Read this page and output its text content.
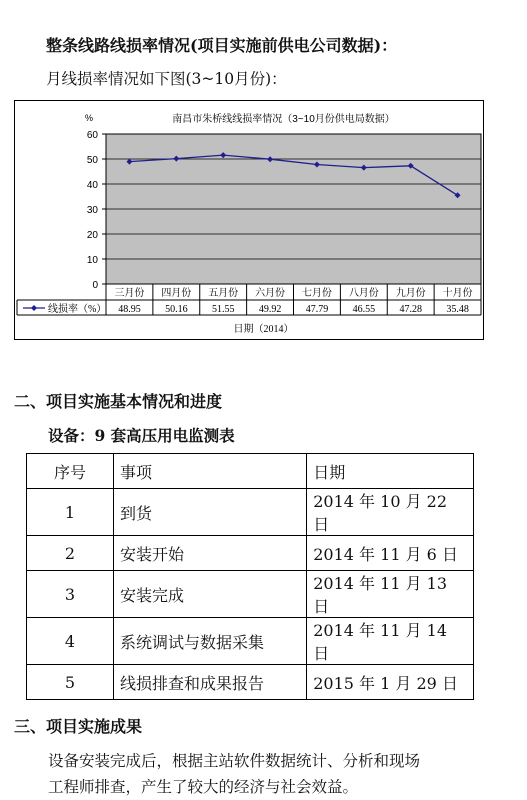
整条线路线损率情况(项目实施前供电公司数据)：
月线损率情况如下图(3~10月份)：
0
10
20
30
40
50
60
%	南昌市朱桥线线损率情况（3~10月份供电局数据）
三月份 四月份 五月份 六月份 七月份 八月份 九月份 十月份
48.95 50.16 51.55 49.92 47.79 46.55 47.28 35.48
线损率（%）
日期（2014）
二、项目实施基本情况和进度
设备：9 套高压用电监测表
序号	事项	日期
1	到货	2014 年 10 月 22 日
2	安装开始	2014 年 11 月 6 日
3	安装完成	2014 年 11 月 13 日
4	系统调试与数据采集	2014 年 11 月 14 日
5	线损排查和成果报告	2015 年 1 月 29 日
三、项目实施成果
设备安装完成后，根据主站软件数据统计、分析和现场
工程师排查，产生了较大的经济与社会效益。
